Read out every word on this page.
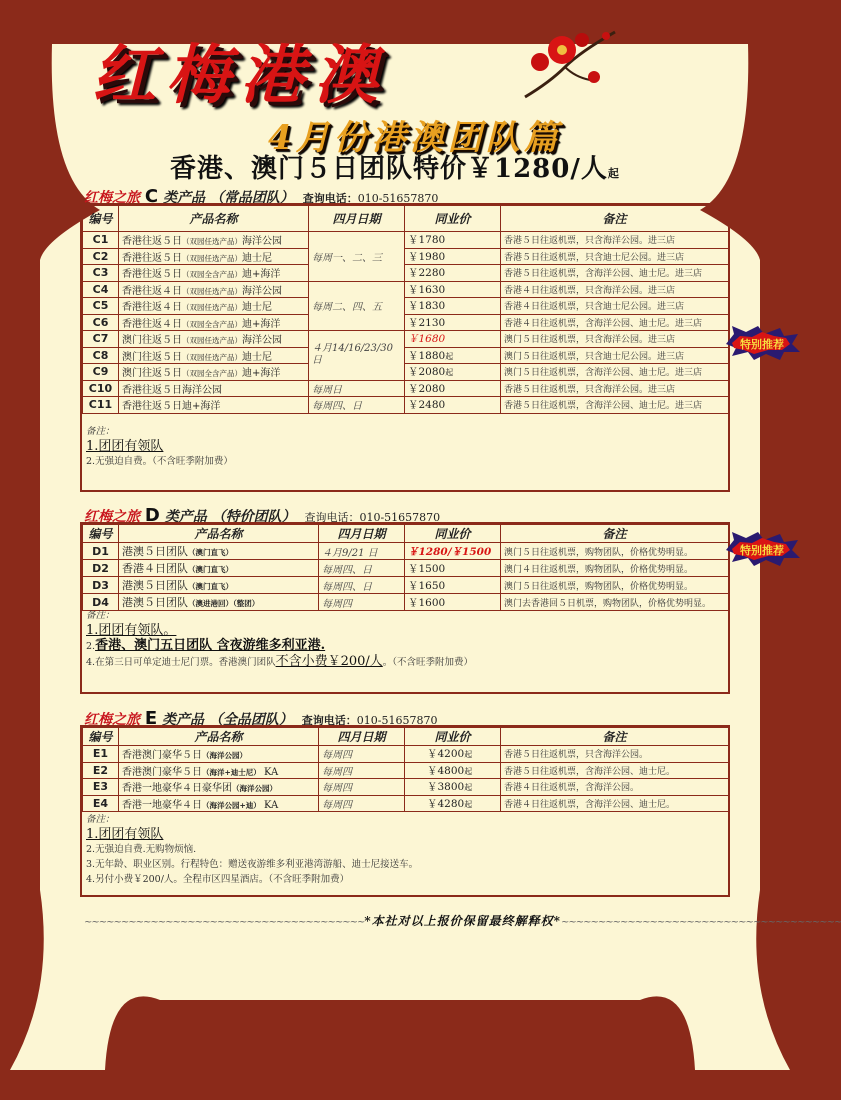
红梅港澳
4月份港澳团队篇
香港、澳门５日团队特价￥1280/人起
红梅之旅 C 类产品 （常品团队） 查询电话：010-51657870
编号	产品名称	四月日期	同业价	备注
C1	香港往返５日（双园任选产品）海洋公园	每周一、二、三	￥1780	香港５日往返机票，只含海洋公园。进三店
C2	香港往返５日（双园任选产品）迪士尼		￥1980	香港５日往返机票，只含迪士尼公园。进三店
C3	香港往返５日（双园全含产品）迪+海洋		￥2280	香港５日往返机票，含海洋公园、迪士尼。进三店
C4	香港往返４日（双园任选产品）海洋公园	每周二、四、五	￥1630	香港４日往返机票，只含海洋公园。进三店
C5	香港往返４日（双园任选产品）迪士尼		￥1830	香港４日往返机票，只含迪士尼公园。进三店
C6	香港往返４日（双园全含产品）迪+海洋		￥2130	香港４日往返机票，含海洋公园、迪士尼。进三店
C7	澳门往返５日（双园任选产品）海洋公园	４月14/16/23/30 日	￥1680	澳门５日往返机票，只含海洋公园。进三店
C8	澳门往返５日（双园任选产品）迪士尼		￥1880起	澳门５日往返机票，只含迪士尼公园。进三店
C9	澳门往返５日（双园全含产品）迪+海洋		￥2080起	澳门５日往返机票，含海洋公园、迪士尼。进三店
C10	香港往返５日海洋公园	每周日	￥2080	香港５日往返机票，只含海洋公园。进三店
C11	香港往返５日迪+海洋	每周四、日	￥2480	香港５日往返机票，含海洋公园、迪士尼。进三店
备注：
1.团团有领队
2.无强迫自费。（不含旺季附加费）
特别推荐
红梅之旅 D 类产品 （特价团队） 查询电话：010-51657870
编号	产品名称	四月日期	同业价	备注
D1	港澳５日团队（澳门直飞）	４月9/21 日	￥1280/￥1500	澳门５日往返机票，购物团队，价格优势明显。
D2	香港４日团队（澳门直飞）	每周四、日	￥1500	澳门４日往返机票，购物团队，价格优势明显。
D3	港澳５日团队（澳门直飞）	每周四、日	￥1650	澳门５日往返机票，购物团队，价格优势明显。
D4	港澳５日团队（澳进港回）（整团）	每周四	￥1600	澳门去香港回５日机票，购物团队，价格优势明显。
备注：
1.团团有领队。
2.香港、澳门五日团队 含夜游维多利亚港.
4.在第三日可单定迪士尼门票。香港澳门团队不含小费￥200/人。（不含旺季附加费）
特别推荐
红梅之旅 E 类产品 （全品团队） 查询电话：010-51657870
编号	产品名称	四月日期	同业价	备注
E1	香港澳门豪华５日（海洋公园）	每周四	￥4200起	香港５日往返机票，只含海洋公园。
E2	香港澳门豪华５日（海洋+迪士尼） KA	每周四	￥4800起	香港５日往返机票，含海洋公园、迪士尼。
E3	香港一地豪华４日豪华团（海洋公园）	每周四	￥3800起	香港４日往返机票，含海洋公园。
E4	香港一地豪华４日（海洋公园+迪） KA	每周四	￥4280起	香港４日往返机票，含海洋公园、迪士尼。
备注：
1.团团有领队
2.无强迫自费.无购物烦恼.
3.无年龄、职业区别。行程特色：赠送夜游维多利亚港湾游船、迪士尼接送车。
4.另付小费￥200/人。全程市区四星酒店。（不含旺季附加费）
~~~~~~~~~~~~~~~~~~~~~~~~~~~~~~~~~~~~~~*本社对以上报价保留最终解释权*~~~~~~~~~~~~~~~~~~~~~~~~~~~~~~~~~~~~~~
